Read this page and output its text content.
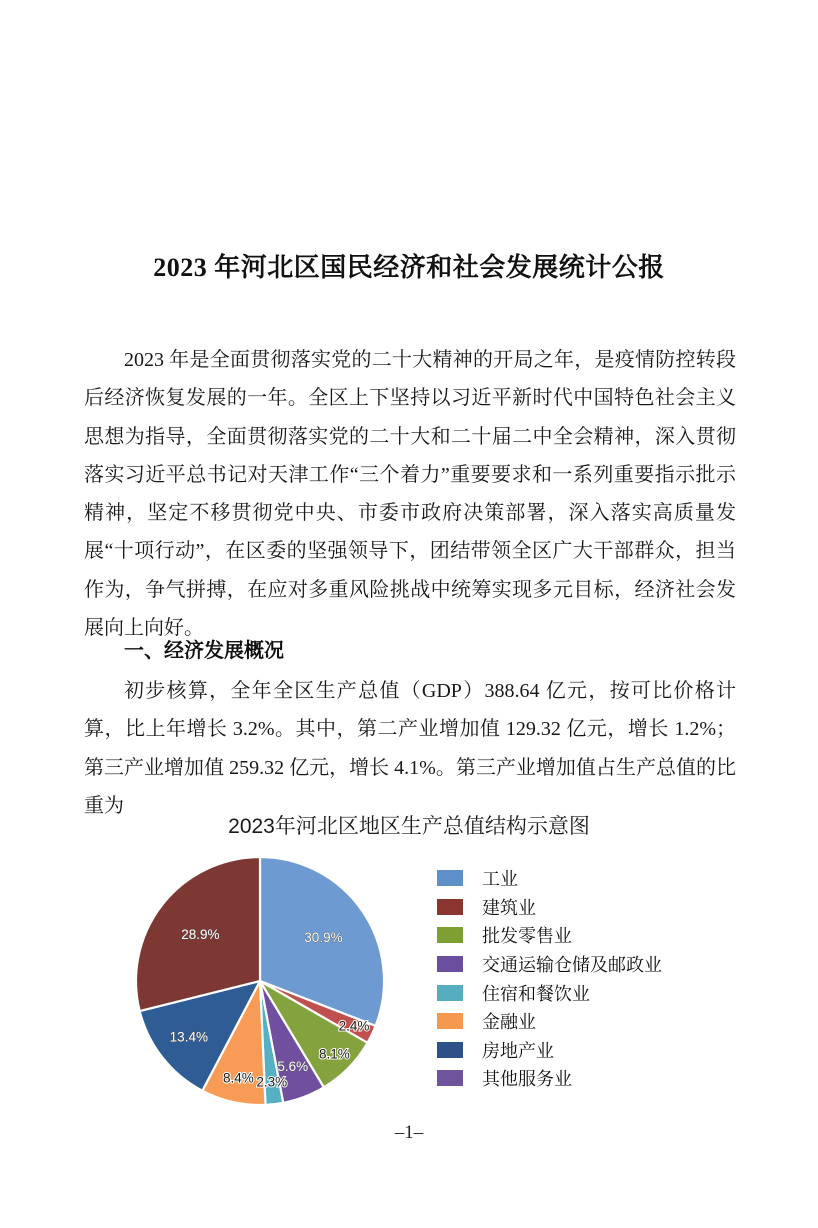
2023 年河北区国民经济和社会发展统计公报

2023 年是全面贯彻落实党的二十大精神的开局之年，是疫情防控转段后经济恢复发展的一年。全区上下坚持以习近平新时代中国特色社会主义思想为指导，全面贯彻落实党的二十大和二十届二中全会精神，深入贯彻落实习近平总书记对天津工作“三个着力”重要要求和一系列重要指示批示精神，坚定不移贯彻党中央、市委市政府决策部署，深入落实高质量发展“十项行动”，在区委的坚强领导下，团结带领全区广大干部群众，担当作为，争气拼搏，在应对多重风险挑战中统筹实现多元目标，经济社会发展向上向好。

一、经济发展概况

初步核算，全年全区生产总值（GDP）388.64 亿元，按可比价格计算，比上年增长 3.2%。其中，第二产业增加值 129.32 亿元，增长 1.2%；第三产业增加值 259.32 亿元，增长 4.1%。第三产业增加值占生产总值的比重为

2023年河北区地区生产总值结构示意图
30.9%
2.4%
8.1%
5.6%
2.3%
8.4%
13.4%
28.9%
工业
建筑业
批发零售业
交通运输仓储及邮政业
住宿和餐饮业
金融业
房地产业
其他服务业
–1–
